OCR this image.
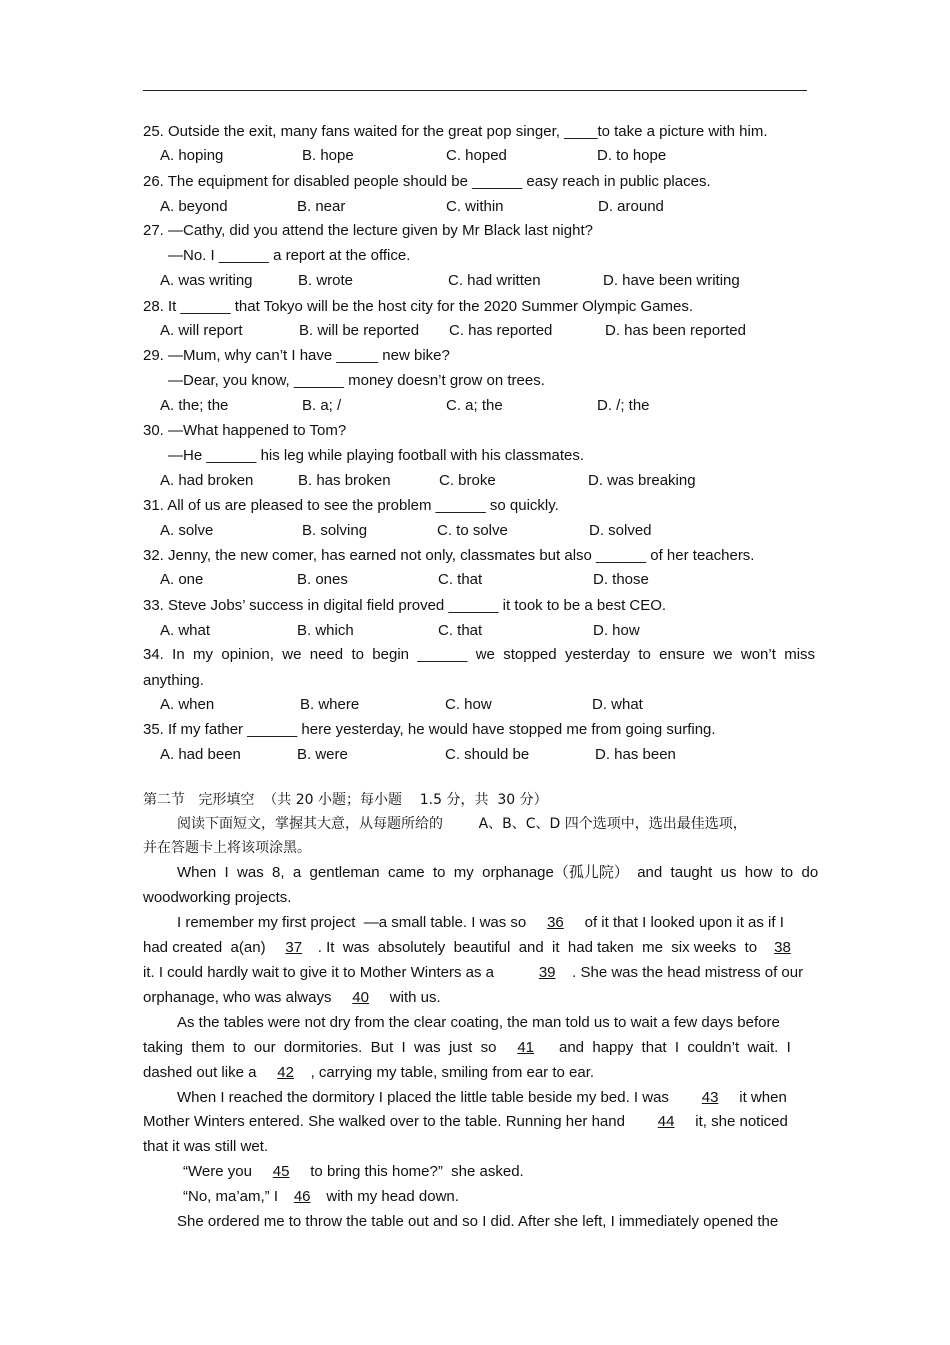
25. Outside the exit, many fans waited for the great pop singer, ____to take a picture with him.
A. hoping	B. hope	C. hoped	D. to hope
26. The equipment for disabled people should be ______ easy reach in public places.
A. beyond	B. near	C. within	D. around
27. —Cathy, did you attend the lecture given by Mr Black last night?
—No. I ______ a report at the office.
A. was writing	B. wrote	C. had written	D. have been writing
28. It ______ that Tokyo will be the host city for the 2020 Summer Olympic Games.
A. will report	B. will be reported C. has reported	D. has been reported
29. —Mum, why can’t I have _____ new bike?
—Dear, you know, ______ money doesn’t grow on trees.
A. the; the	B. a; /	C. a; the	D. /; the
30. —What happened to Tom?
—He ______ his leg while playing football with his classmates.
A. had broken	B. has broken	C. broke	D. was breaking
31. All of us are pleased to see the problem ______ so quickly.
A. solve	B. solving	C. to solve	D. solved
32. Jenny, the new comer, has earned not only, classmates but also ______ of her teachers.
A. one	B. ones	C. that	D. those
33. Steve Jobs’ success in digital field proved ______ it took to be a best CEO.
A. what	B. which	C. that	D. how
34.  In  my  opinion,  we  need  to  begin  ______  we  stopped  yesterday  to  ensure  we  won’t  miss
anything.
A. when	B. where	C. how	D. what
35. If my father ______ here yesterday, he would have stopped me from going surfing.
A. had been	B. were	C. should be	D. has been
第二节   完形填空  （共 20 小题；每小题    1.5 分，共  30 分）
阅读下面短文，掌握其大意，从每题所给的        A、B、C、D 四个选项中，选出最佳选项，
并在答题卡上将该项涂黑。
When  I  was  8,  a  gentleman  came  to  my  orphanage（孤儿院）  and  taught  us  how  to  do
woodworking projects.
I remember my first project  —a small table. I was so 36 of it that I looked upon it as if I
had created  a(an) 37 . It  was  absolutely  beautiful  and  it  had taken  me  six weeks  to  38
it. I could hardly wait to give it to Mother Winters as a	39 . She was the head mistress of our
orphanage, who was always 40 with us.
As the tables were not dry from the clear coating, the man told us to wait a few days before
taking  them  to  our  dormitories.  But  I  was  just  so 41  and  happy  that  I  couldn’t  wait.  I
dashed out like a 42 , carrying my table, smiling from ear to ear.
When I reached the dormitory I placed the little table beside my bed. I was 43 it when
Mother Winters entered. She walked over to the table. Running her hand 44 it, she noticed
that it was still wet.
“Were you 45 to bring this home?”  she asked.
“No, ma’am,” I 46 with my head down.
She ordered me to throw the table out and so I did. After she left, I immediately opened the
